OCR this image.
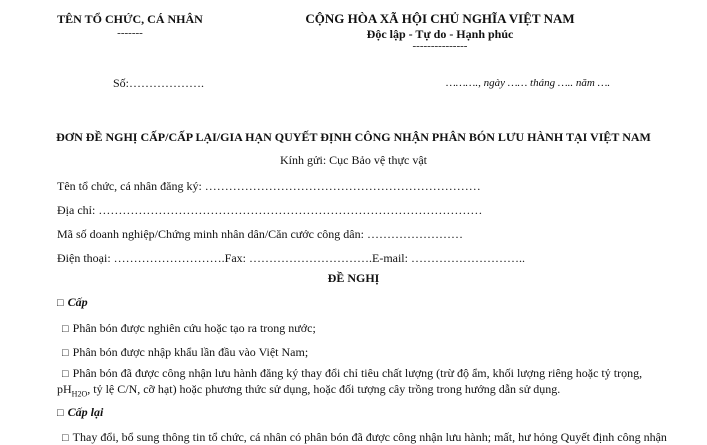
TÊN TỔ CHỨC, CÁ NHÂN
-------
CỘNG HÒA XÃ HỘI CHỦ NGHĨA VIỆT NAM
Độc lập - Tự do - Hạnh phúc
---------------
Số:……………….	………., ngày …… tháng ….. năm ….
ĐƠN ĐỀ NGHỊ CẤP/CẤP LẠI/GIA HẠN QUYẾT ĐỊNH CÔNG NHẬN PHÂN BÓN LƯU HÀNH TẠI VIỆT NAM
Kính gửi: Cục Bảo vệ thực vật
Tên tổ chức, cá nhân đăng ký: ……………………………………………………………
Địa chỉ: ……………………………………………………………………………………
Mã số doanh nghiệp/Chứng minh nhân dân/Căn cước công dân: ……………………
Điện thoại: ……………………….Fax: ………………………….E-mail: ………………………..
ĐỀ NGHỊ
□ Cấp
□ Phân bón được nghiên cứu hoặc tạo ra trong nước;
□ Phân bón được nhập khẩu lần đầu vào Việt Nam;
□ Phân bón đã được công nhận lưu hành đăng ký thay đổi chỉ tiêu chất lượng (trừ độ ẩm, khối lượng riêng hoặc tỷ trọng,
$pH_{H2O}$, tỷ lệ C/N, cỡ hạt) hoặc phương thức sử dụng, hoặc đối tượng cây trồng trong hướng dẫn sử dụng.
□ Cấp lại
□ Thay đổi, bổ sung thông tin tổ chức, cá nhân có phân bón đã được công nhận lưu hành; mất, hư hỏng Quyết định công nhận
